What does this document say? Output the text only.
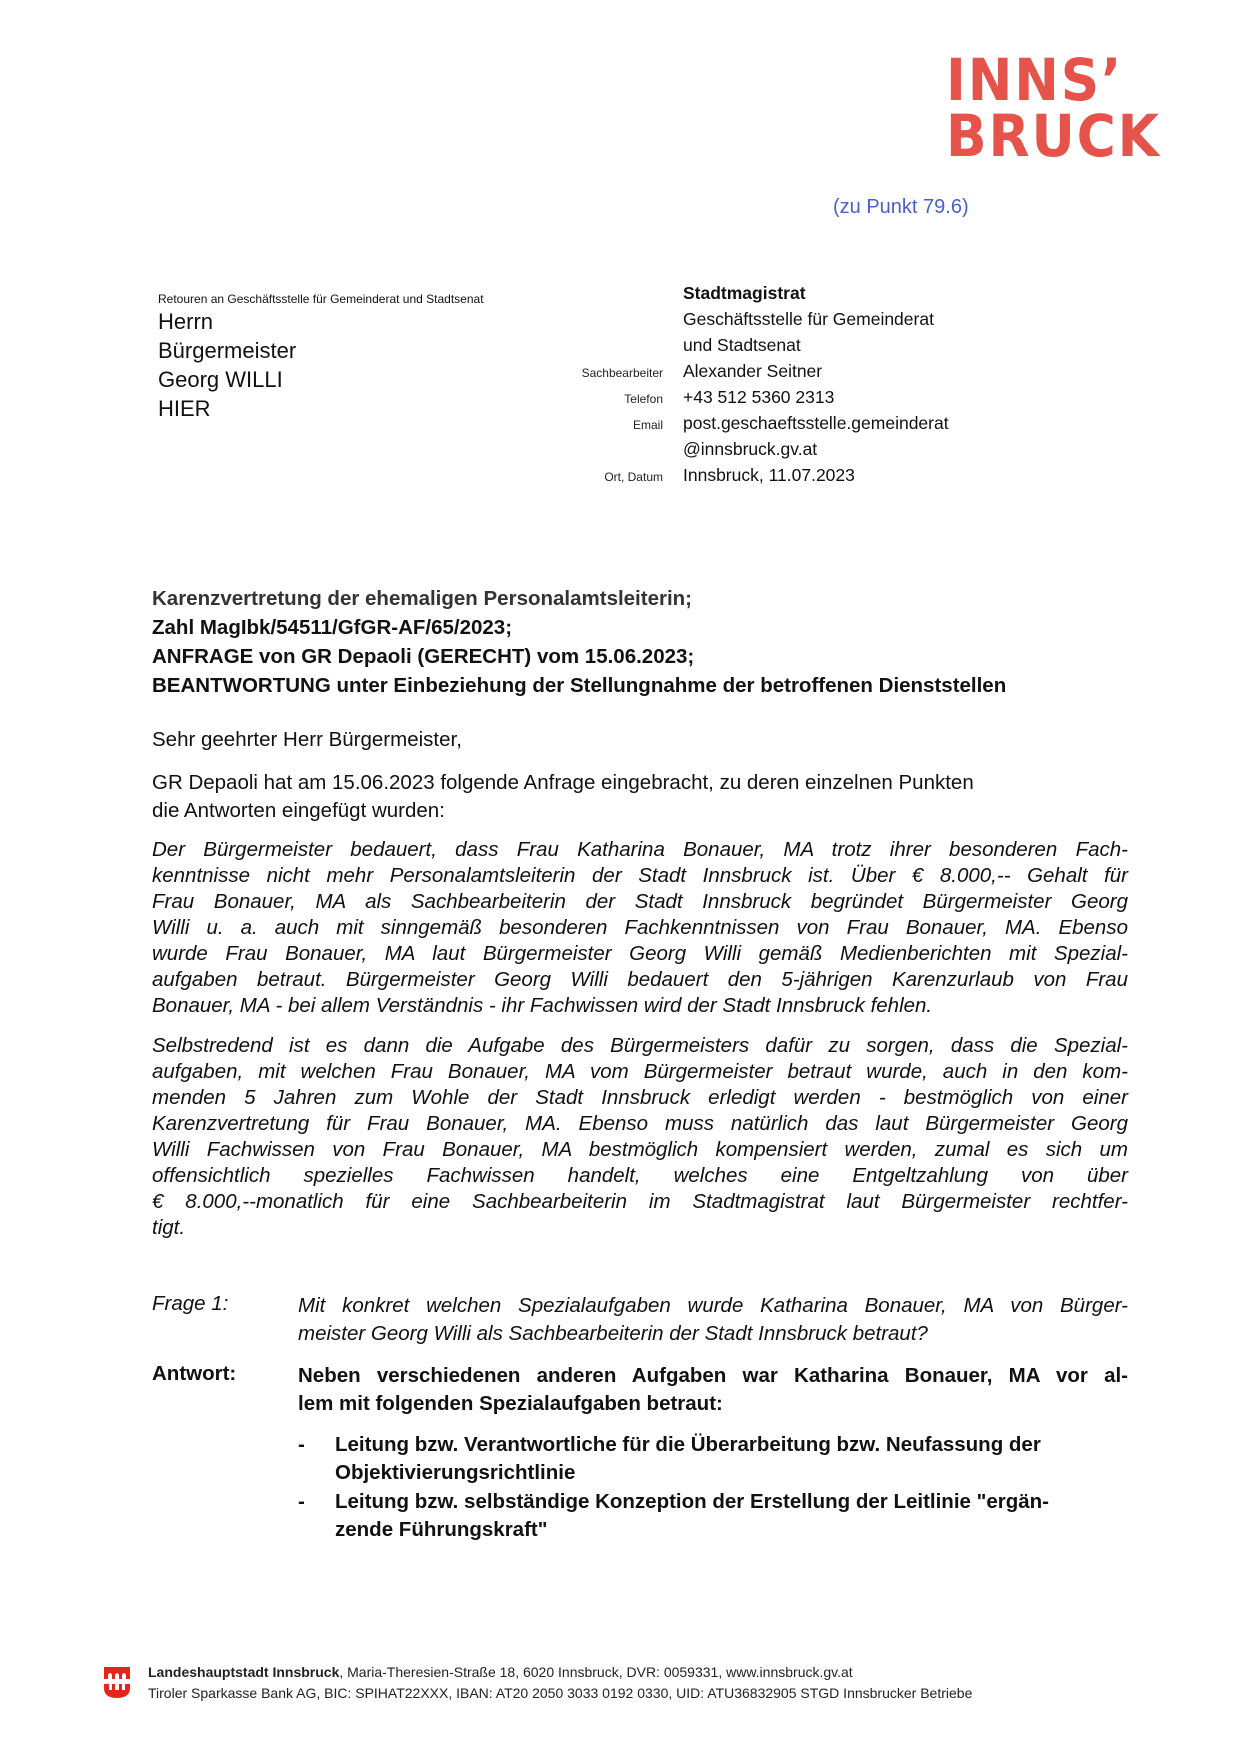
INNS’
BRUCK
(zu Punkt 79.6)
Retouren an Geschäftsstelle für Gemeinderat und Stadtsenat
Herrn
Bürgermeister
Georg WILLI
HIER
Stadtmagistrat
Geschäftsstelle für Gemeinderat
und Stadtsenat
Sachbearbeiter	Alexander Seitner
Telefon	+43 512 5360 2313
Email	post.geschaeftsstelle.gemeinderat
@innsbruck.gv.at
Ort, Datum	Innsbruck, 11.07.2023
Karenzvertretung der ehemaligen Personalamtsleiterin;
Zahl MagIbk/54511/GfGR-AF/65/2023;
ANFRAGE von GR Depaoli (GERECHT) vom 15.06.2023;
BEANTWORTUNG unter Einbeziehung der Stellungnahme der betroffenen Dienststellen
Sehr geehrter Herr Bürgermeister,
GR Depaoli hat am 15.06.2023 folgende Anfrage eingebracht, zu deren einzelnen Punkten
die Antworten eingefügt wurden:
Der Bürgermeister bedauert, dass Frau Katharina Bonauer, MA trotz ihrer besonderen Fach-
kenntnisse nicht mehr Personalamtsleiterin der Stadt Innsbruck ist. Über € 8.000,-- Gehalt für
Frau Bonauer, MA als Sachbearbeiterin der Stadt Innsbruck begründet Bürgermeister Georg
Willi u. a. auch mit sinngemäß besonderen Fachkenntnissen von Frau Bonauer, MA. Ebenso
wurde Frau Bonauer, MA laut Bürgermeister Georg Willi gemäß Medienberichten mit Spezial-
aufgaben betraut. Bürgermeister Georg Willi bedauert den 5-jährigen Karenzurlaub von Frau
Bonauer, MA - bei allem Verständnis - ihr Fachwissen wird der Stadt Innsbruck fehlen.
Selbstredend ist es dann die Aufgabe des Bürgermeisters dafür zu sorgen, dass die Spezial-
aufgaben, mit welchen Frau Bonauer, MA vom Bürgermeister betraut wurde, auch in den kom-
menden 5 Jahren zum Wohle der Stadt Innsbruck erledigt werden - bestmöglich von einer
Karenzvertretung für Frau Bonauer, MA. Ebenso muss natürlich das laut Bürgermeister Georg
Willi Fachwissen von Frau Bonauer, MA bestmöglich kompensiert werden, zumal es sich um
offensichtlich spezielles Fachwissen handelt, welches eine Entgeltzahlung von über
€ 8.000,--monatlich für eine Sachbearbeiterin im Stadtmagistrat laut Bürgermeister rechtfer-
tigt.
Frage 1:	Mit konkret welchen Spezialaufgaben wurde Katharina Bonauer, MA von Bürger-
meister Georg Willi als Sachbearbeiterin der Stadt Innsbruck betraut?
Antwort:	Neben verschiedenen anderen Aufgaben war Katharina Bonauer, MA vor al-
lem mit folgenden Spezialaufgaben betraut:
-	Leitung bzw. Verantwortliche für die Überarbeitung bzw. Neufassung der
Objektivierungsrichtlinie
-	Leitung bzw. selbständige Konzeption der Erstellung der Leitlinie "ergän-
zende Führungskraft"
Landeshauptstadt Innsbruck, Maria-Theresien-Straße 18, 6020 Innsbruck, DVR: 0059331, www.innsbruck.gv.at
Tiroler Sparkasse Bank AG, BIC: SPIHAT22XXX, IBAN: AT20 2050 3033 0192 0330, UID: ATU36832905 STGD Innsbrucker Betriebe
